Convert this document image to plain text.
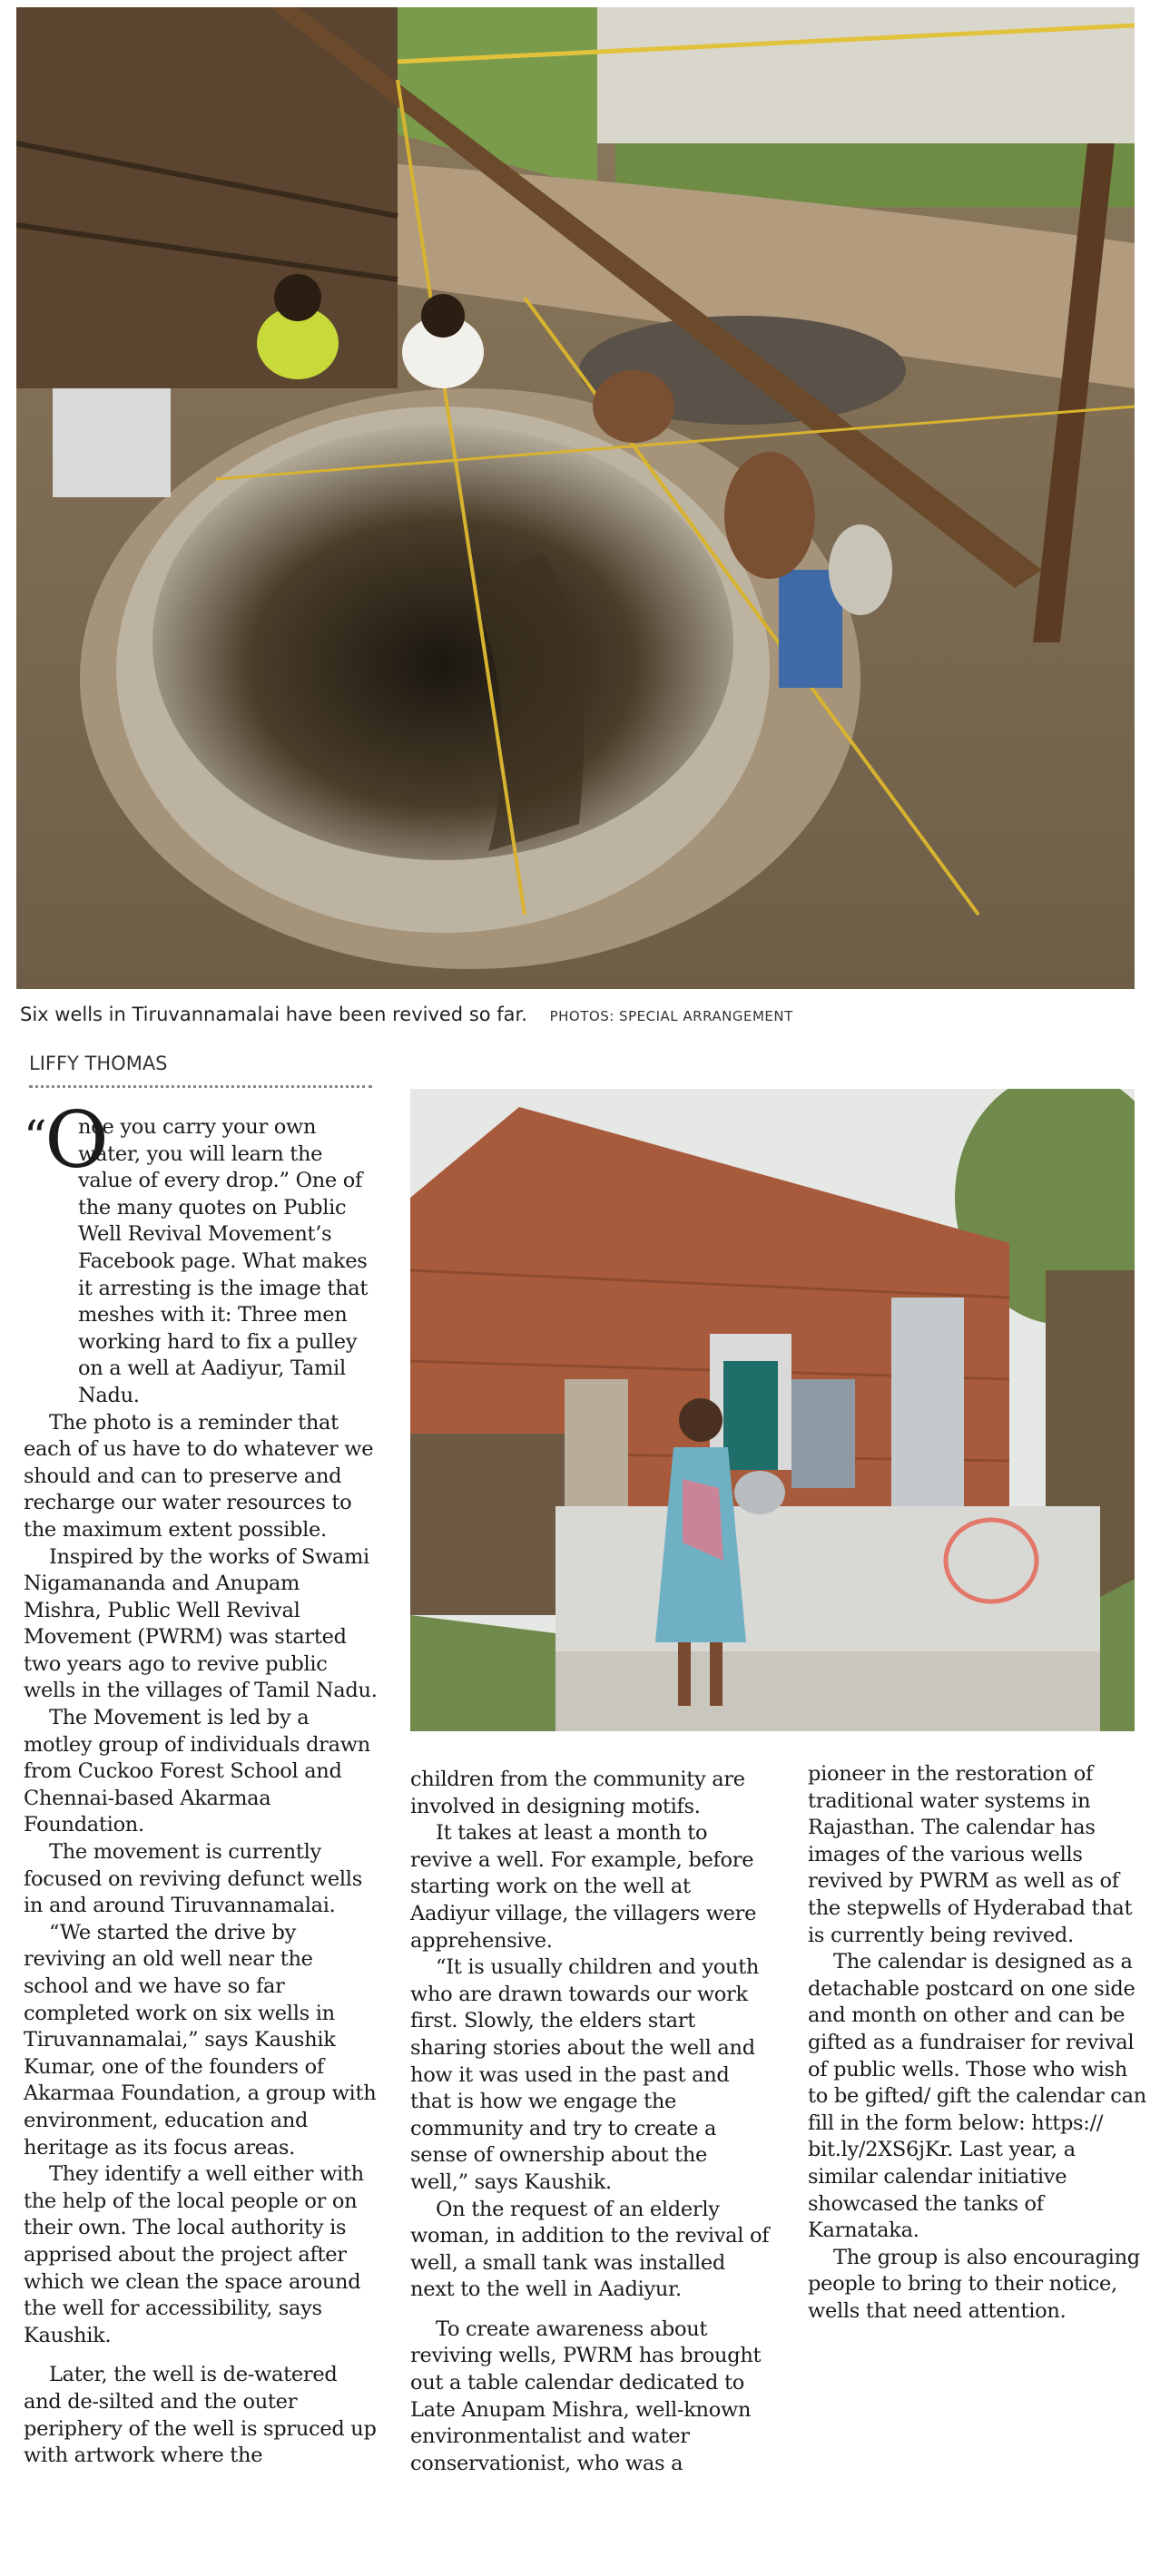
Six wells in Tiruvannamalai have been revived so far. PHOTOS: SPECIAL ARRANGEMENT
LIFFY THOMAS

“O
nce you carry your own water, you will learn the value of every drop.” One of the many quotes on Public Well Revival Movement’s Facebook page. What makes it arresting is the image that meshes with it: Three men working hard to fix a pulley on a well at Aadiyur, Tamil Nadu.

The photo is a reminder that each of us have to do whatever we should and can to preserve and recharge our water resources to the maximum extent possible.

Inspired by the works of Swami Nigamananda and Anupam Mishra, Public Well Revival Movement (PWRM) was started two years ago to revive public wells in the villages of Tamil Nadu.

The Movement is led by a motley group of individuals drawn from Cuckoo Forest School and Chennai-based Akarmaa Foundation.

The movement is currently focused on reviving defunct wells in and around Tiruvannamalai.

“We started the drive by reviving an old well near the school and we have so far completed work on six wells in Tiruvannamalai,” says Kaushik Kumar, one of the founders of Akarmaa Foundation, a group with environment, education and heritage as its focus areas.

They identify a well either with the help of the local people or on their own. The local authority is apprised about the project after which we clean the space around the well for accessibility, says Kaushik.

Later, the well is de-watered and de-silted and the outer periphery of the well is spruced up with artwork where the

children from the community are involved in designing motifs.

It takes at least a month to revive a well. For example, before starting work on the well at Aadiyur village, the villagers were apprehensive.

“It is usually children and youth who are drawn towards our work first. Slowly, the elders start sharing stories about the well and how it was used in the past and that is how we engage the community and try to create a sense of ownership about the well,” says Kaushik.

On the request of an elderly woman, in addition to the revival of well, a small tank was installed next to the well in Aadiyur.

To create awareness about reviving wells, PWRM has brought out a table calendar dedicated to Late Anupam Mishra, well-known environmentalist and water conservationist, who was a

pioneer in the restoration of traditional water systems in Rajasthan. The calendar has images of the various wells revived by PWRM as well as of the stepwells of Hyderabad that is currently being revived.

The calendar is designed as a detachable postcard on one side and month on other and can be gifted as a fundraiser for revival of public wells. Those who wish to be gifted/ gift the calendar can fill in the form below: https:// bit.ly/2XS6jKr. Last year, a similar calendar initiative showcased the tanks of Karnataka.

The group is also encouraging people to bring to their notice, wells that need attention.
